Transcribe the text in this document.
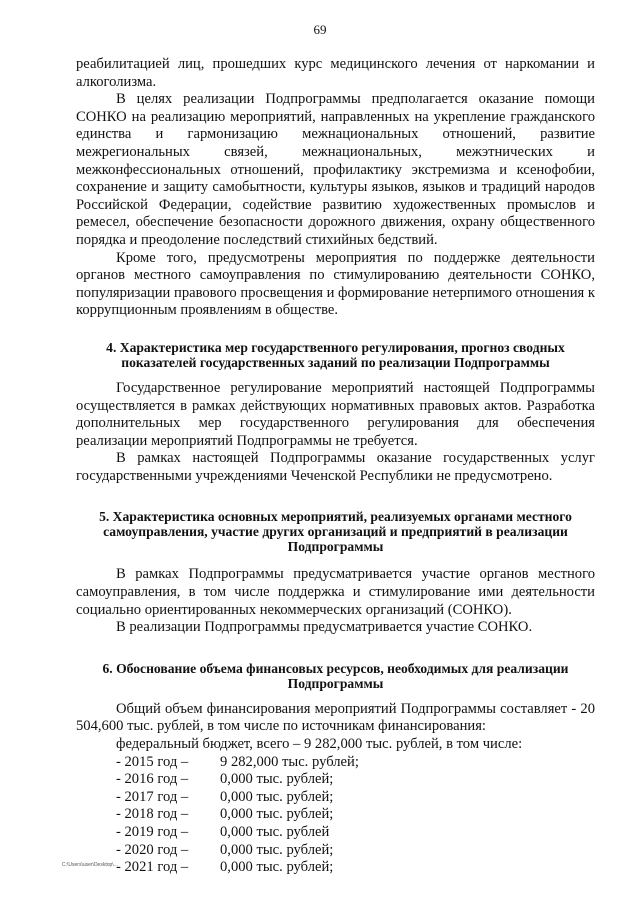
69

реабилитацией лиц, прошедших курс медицинского лечения от наркомании и алкоголизма.

В целях реализации Подпрограммы предполагается оказание помощи СОНКО на реализацию мероприятий, направленных на укрепление гражданского единства и гармонизацию межнациональных отношений, развитие межрегиональных связей, межнациональных, межэтнических и межконфессиональных отношений, профилактику экстремизма и ксенофобии, сохранение и защиту самобытности, культуры языков, языков и традиций народов Российской Федерации, содействие развитию художественных промыслов и ремесел, обеспечение безопасности дорожного движения, охрану общественного порядка и преодоление последствий стихийных бедствий.

Кроме того, предусмотрены мероприятия по поддержке деятельности органов местного самоуправления по стимулированию деятельности СОНКО, популяризации правового просвещения и формирование нетерпимого отношения к коррупционным проявлениям в обществе.

4. Характеристика мер государственного регулирования, прогноз сводных показателей государственных заданий по реализации Подпрограммы

Государственное регулирование мероприятий настоящей Подпрограммы осуществляется в рамках действующих нормативных правовых актов. Разработка дополнительных мер государственного регулирования для обеспечения реализации мероприятий Подпрограммы не требуется.

В рамках настоящей Подпрограммы оказание государственных услуг государственными учреждениями Чеченской Республики не предусмотрено.

5. Характеристика основных мероприятий, реализуемых органами местного самоуправления, участие других организаций и предприятий в реализации Подпрограммы

В рамках Подпрограммы предусматривается участие органов местного самоуправления, в том числе поддержка и стимулирование ими деятельности социально ориентированных некоммерческих организаций (СОНКО).

В реализации Подпрограммы предусматривается участие СОНКО.

6. Обоснование объема финансовых ресурсов, необходимых для реализации Подпрограммы

Общий объем финансирования мероприятий Подпрограммы составляет - 20 504,600 тыс. рублей, в том числе по источникам финансирования:

федеральный бюджет, всего – 9 282,000 тыс. рублей, в том числе:

- 2015 год –	9 282,000 тыс. рублей;
- 2016 год –	0,000 тыс. рублей;
- 2017 год –	0,000 тыс. рублей;
- 2018 год –	0,000 тыс. рублей;
- 2019 год –	0,000 тыс. рублей
- 2020 год –	0,000 тыс. рублей;
- 2021 год –	0,000 тыс. рублей;
C:\Users\user\Desktop\...
